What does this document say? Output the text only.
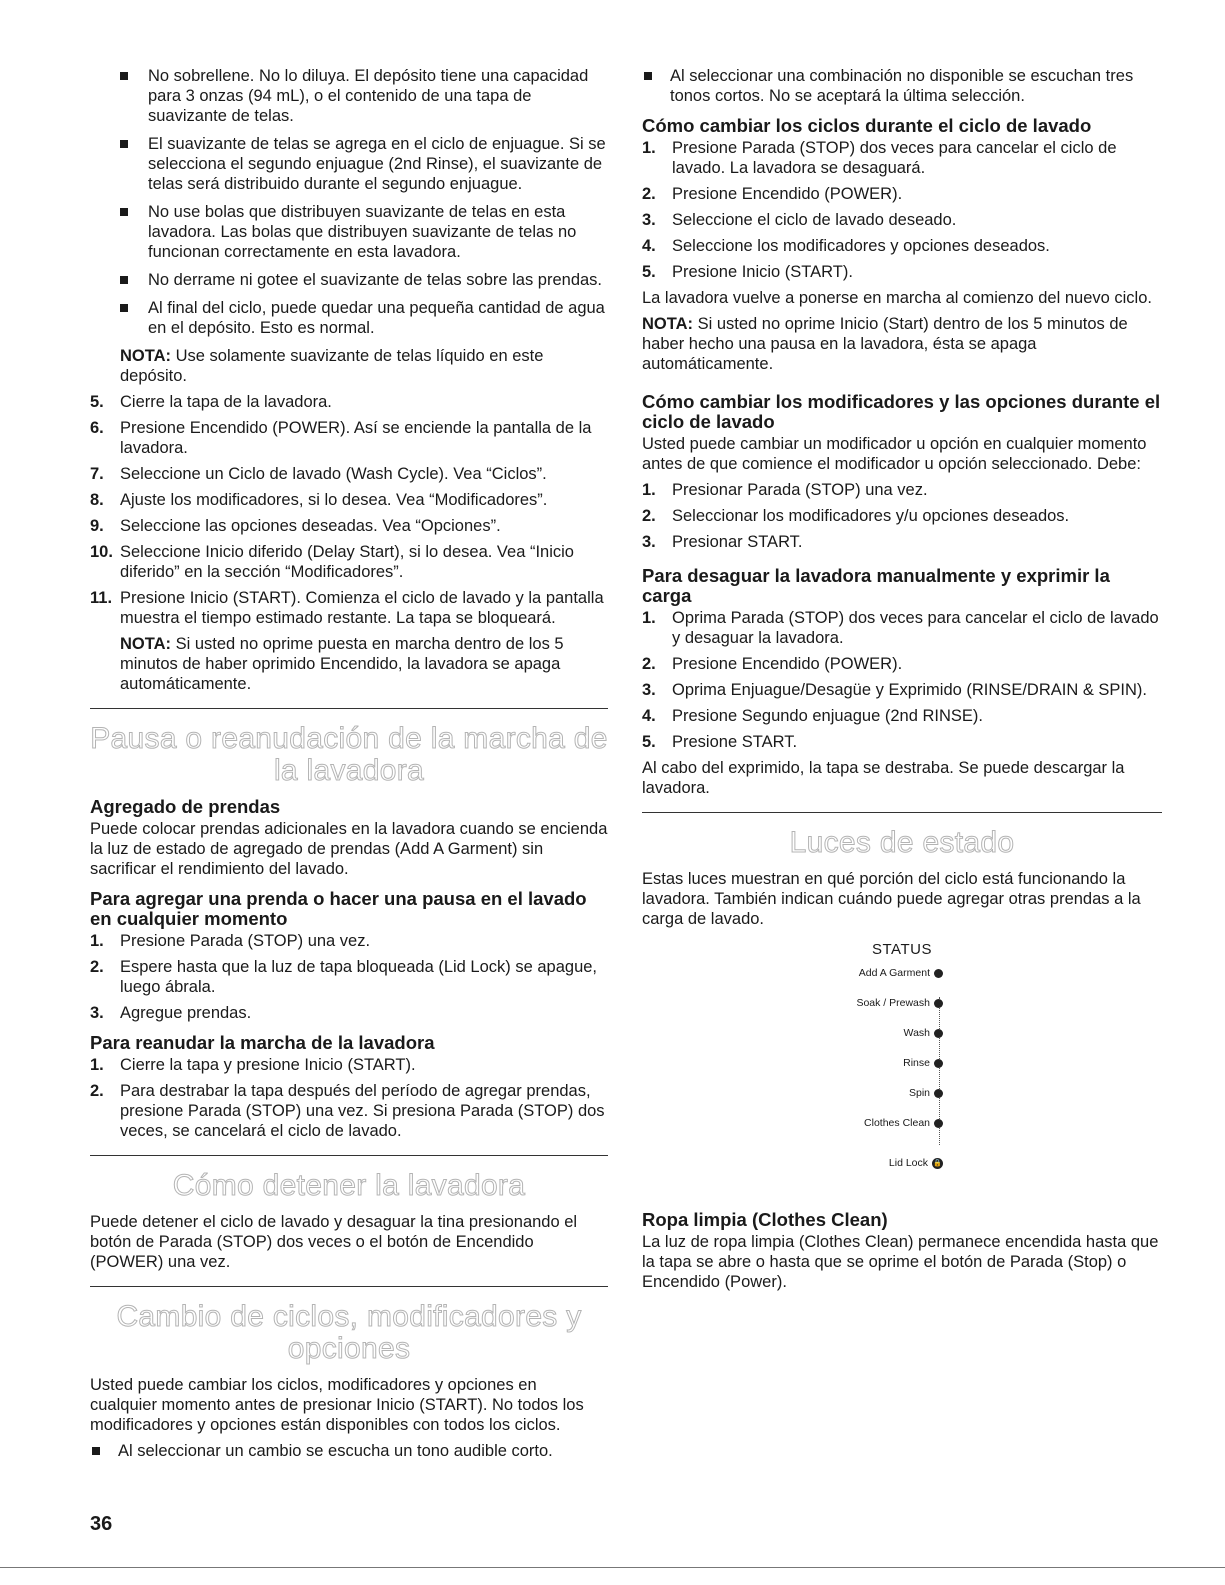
No sobrellene. No lo diluya. El depósito tiene una capacidad para 3 onzas (94 mL), o el contenido de una tapa de suavizante de telas.
El suavizante de telas se agrega en el ciclo de enjuague. Si se selecciona el segundo enjuague (2nd Rinse), el suavizante de telas será distribuido durante el segundo enjuague.
No use bolas que distribuyen suavizante de telas en esta lavadora. Las bolas que distribuyen suavizante de telas no funcionan correctamente en esta lavadora.
No derrame ni gotee el suavizante de telas sobre las prendas.
Al final del ciclo, puede quedar una pequeña cantidad de agua en el depósito. Esto es normal.

NOTA: Use solamente suavizante de telas líquido en este depósito.

5. Cierre la tapa de la lavadora.
6. Presione Encendido (POWER). Así se enciende la pantalla de la lavadora.
7. Seleccione un Ciclo de lavado (Wash Cycle). Vea “Ciclos”.
8. Ajuste los modificadores, si lo desea. Vea “Modificadores”.
9. Seleccione las opciones deseadas. Vea “Opciones”.
10. Seleccione Inicio diferido (Delay Start), si lo desea. Vea “Inicio diferido” en la sección “Modificadores”.
11. Presione Inicio (START). Comienza el ciclo de lavado y la pantalla muestra el tiempo estimado restante. La tapa se bloqueará.

NOTA: Si usted no oprime puesta en marcha dentro de los 5 minutos de haber oprimido Encendido, la lavadora se apaga automáticamente.

Pausa o reanudación de la marcha de la lavadora
Agregado de prendas

Puede colocar prendas adicionales en la lavadora cuando se encienda la luz de estado de agregado de prendas (Add A Garment) sin sacrificar el rendimiento del lavado.

Para agregar una prenda o hacer una pausa en el lavado en cualquier momento
1. Presione Parada (STOP) una vez.
2. Espere hasta que la luz de tapa bloqueada (Lid Lock) se apague, luego ábrala.
3. Agregue prendas.
Para reanudar la marcha de la lavadora
1. Cierre la tapa y presione Inicio (START).
2. Para destrabar la tapa después del período de agregar prendas, presione Parada (STOP) una vez. Si presiona Parada (STOP) dos veces, se cancelará el ciclo de lavado.
Cómo detener la lavadora

Puede detener el ciclo de lavado y desaguar la tina presionando el botón de Parada (STOP) dos veces o el botón de Encendido (POWER) una vez.

Cambio de ciclos, modificadores y opciones

Usted puede cambiar los ciclos, modificadores y opciones en cualquier momento antes de presionar Inicio (START). No todos los modificadores y opciones están disponibles con todos los ciclos.

Al seleccionar un cambio se escucha un tono audible corto.
Al seleccionar una combinación no disponible se escuchan tres tonos cortos. No se aceptará la última selección.
Cómo cambiar los ciclos durante el ciclo de lavado
1. Presione Parada (STOP) dos veces para cancelar el ciclo de lavado. La lavadora se desaguará.
2. Presione Encendido (POWER).
3. Seleccione el ciclo de lavado deseado.
4. Seleccione los modificadores y opciones deseados.
5. Presione Inicio (START).

La lavadora vuelve a ponerse en marcha al comienzo del nuevo ciclo.

NOTA: Si usted no oprime Inicio (Start) dentro de los 5 minutos de haber hecho una pausa en la lavadora, ésta se apaga automáticamente.

Cómo cambiar los modificadores y las opciones durante el ciclo de lavado

Usted puede cambiar un modificador u opción en cualquier momento antes de que comience el modificador u opción seleccionado. Debe:

1. Presionar Parada (STOP) una vez.
2. Seleccionar los modificadores y/u opciones deseados.
3. Presionar START.
Para desaguar la lavadora manualmente y exprimir la carga
1. Oprima Parada (STOP) dos veces para cancelar el ciclo de lavado y desaguar la lavadora.
2. Presione Encendido (POWER).
3. Oprima Enjuague/Desagüe y Exprimido (RINSE/DRAIN & SPIN).
4. Presione Segundo enjuague (2nd RINSE).
5. Presione START.

Al cabo del exprimido, la tapa se destraba. Se puede descargar la lavadora.

Luces de estado

Estas luces muestran en qué porción del ciclo está funcionando la lavadora. También indican cuándo puede agregar otras prendas a la carga de lavado.

STATUS
Add A Garment
Soak / Prewash
Wash
Rinse
Spin
Clothes Clean
Lid Lock 🔒
Ropa limpia (Clothes Clean)

La luz de ropa limpia (Clothes Clean) permanece encendida hasta que la tapa se abre o hasta que se oprime el botón de Parada (Stop) o Encendido (Power).

36
